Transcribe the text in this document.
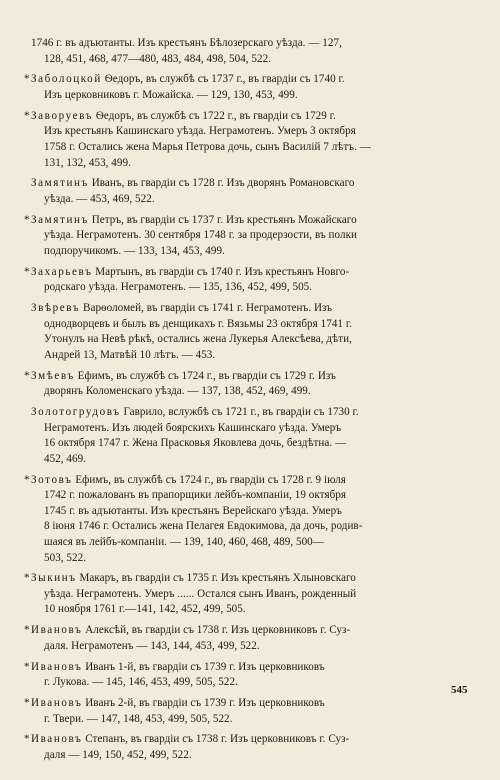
1746 г. въ адъютанты. Изъ крестьянъ Бѣлозерскаго уѣзда. — 127,
128, 451, 468, 477—480, 483, 484, 498, 504, 522.
*Заболоцкой Ѳедоръ, въ службѣ съ 1737 г., въ гвардіи съ 1740 г.
Изъ церковниковъ г. Можайска. — 129, 130, 453, 499.
*Заворуевъ Ѳедоръ, въ службѣ съ 1722 г., въ гвардіи съ 1729 г.
Изъ крестьянъ Кашинскаго уѣзда. Неграмотенъ. Умеръ 3 октября
1758 г. Остались жена Марья Петрова дочь, сынъ Василій 7 лѣтъ. —
131, 132, 453, 499.
Замятинъ Иванъ, въ гвардіи съ 1728 г. Изъ дворянъ Романовскаго
уѣзда. — 453, 469, 522.
*Замятинъ Петръ, въ гвардіи съ 1737 г. Изъ крестьянъ Можайскаго
уѣзда. Неграмотенъ. 30 сентября 1748 г. за продерзости, въ полки
подпоручикомъ. — 133, 134, 453, 499.
*Захарьевъ Мартынъ, въ гвардіи съ 1740 г. Изъ крестьянъ Новго-
родскаго уѣзда. Неграмотенъ. — 135, 136, 452, 499, 505.
Звѣревъ Варѳоломей, въ гвардіи съ 1741 г. Неграмотенъ. Изъ
однодворцевъ и былъ въ денщикахъ г. Вязьмы 23 октября 1741 г.
Утонулъ на Невѣ рѣкѣ, остались жена Лукерья Алексѣева, дѣти,
Андрей 13, Матвѣй 10 лѣтъ. — 453.
*Змѣевъ Ефимъ, въ службѣ съ 1724 г., въ гвардіи съ 1729 г. Изъ
дворянъ Коломенскаго уѣзда. — 137, 138, 452, 469, 499.
Золотогрудовъ Гаврило, вслужбѣ съ 1721 г., въ гвардіи съ 1730 г.
Неграмотенъ. Изъ людей боярскихъ Кашинскаго уѣзда. Умеръ
16 октября 1747 г. Жена Прасковья Яковлева дочь, бездѣтна. —
452, 469.
*Зотовъ Ефимъ, въ службѣ съ 1724 г., въ гвардіи съ 1728 г. 9 іюля
1742 г. пожалованъ въ прапорщики лейбъ-компаніи, 19 октября
1745 г. въ адъютанты. Изъ крестьянъ Верейскаго уѣзда. Умеръ
8 іюня 1746 г. Остались жена Пелагея Евдокимова, да дочь, родив-
шаяся въ лейбъ-компаніи. — 139, 140, 460, 468, 489, 500—
503, 522.
*Зыкинъ Макаръ, въ гвардіи съ 1735 г. Изъ крестьянъ Хлыновскаго
уѣзда. Неграмотенъ. Умеръ ...... Остался сынъ Иванъ, рожденный
10 ноября 1761 г.—141, 142, 452, 499, 505.
*Ивановъ Алексѣй, въ гвардіи съ 1738 г. Изъ церковниковъ г. Суз-
даля. Неграмотенъ — 143, 144, 453, 499, 522.
*Ивановъ Иванъ 1-й, въ гвардіи съ 1739 г. Изъ церковниковъ
г. Лукова. — 145, 146, 453, 499, 505, 522.
*Ивановъ Иванъ 2-й, въ гвардіи съ 1739 г. Изъ церковниковъ
г. Твери. — 147, 148, 453, 499, 505, 522.
*Ивановъ Степанъ, въ гвардіи съ 1738 г. Изъ церковниковъ г. Суз-
даля — 149, 150, 452, 499, 522.
545
